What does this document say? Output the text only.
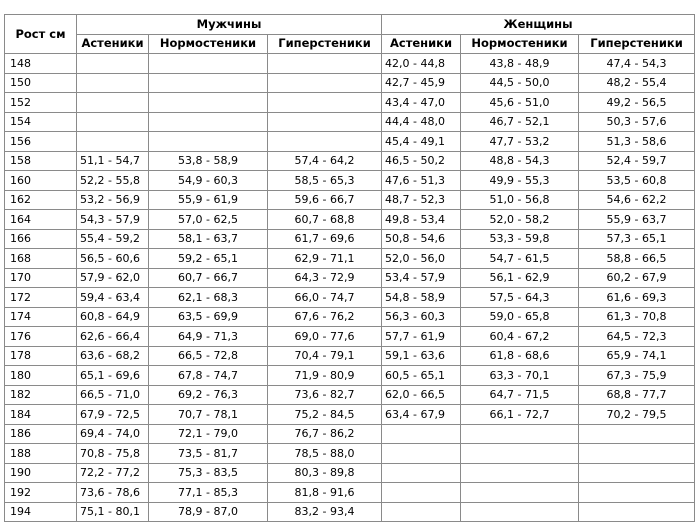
Рост см	Мужчины			Женщины		
	Астеники	Нормостеники	Гиперстеники	Астеники	Нормостеники	Гиперстеники
148				42,0 - 44,8	43,8 - 48,9	47,4 - 54,3
150				42,7 - 45,9	44,5 - 50,0	48,2 - 55,4
152				43,4 - 47,0	45,6 - 51,0	49,2 - 56,5
154				44,4 - 48,0	46,7 - 52,1	50,3 - 57,6
156				45,4 - 49,1	47,7 - 53,2	51,3 - 58,6
158	51,1 - 54,7	53,8 - 58,9	57,4 - 64,2	46,5 - 50,2	48,8 - 54,3	52,4 - 59,7
160	52,2 - 55,8	54,9 - 60,3	58,5 - 65,3	47,6 - 51,3	49,9 - 55,3	53,5 - 60,8
162	53,2 - 56,9	55,9 - 61,9	59,6 - 66,7	48,7 - 52,3	51,0 - 56,8	54,6 - 62,2
164	54,3 - 57,9	57,0 - 62,5	60,7 - 68,8	49,8 - 53,4	52,0 - 58,2	55,9 - 63,7
166	55,4 - 59,2	58,1 - 63,7	61,7 - 69,6	50,8 - 54,6	53,3 - 59,8	57,3 - 65,1
168	56,5 - 60,6	59,2 - 65,1	62,9 - 71,1	52,0 - 56,0	54,7 - 61,5	58,8 - 66,5
170	57,9 - 62,0	60,7 - 66,7	64,3 - 72,9	53,4 - 57,9	56,1 - 62,9	60,2 - 67,9
172	59,4 - 63,4	62,1 - 68,3	66,0 - 74,7	54,8 - 58,9	57,5 - 64,3	61,6 - 69,3
174	60,8 - 64,9	63,5 - 69,9	67,6 - 76,2	56,3 - 60,3	59,0 - 65,8	61,3 - 70,8
176	62,6 - 66,4	64,9 - 71,3	69,0 - 77,6	57,7 - 61,9	60,4 - 67,2	64,5 - 72,3
178	63,6 - 68,2	66,5 - 72,8	70,4 - 79,1	59,1 - 63,6	61,8 - 68,6	65,9 - 74,1
180	65,1 - 69,6	67,8 - 74,7	71,9 - 80,9	60,5 - 65,1	63,3 - 70,1	67,3 - 75,9
182	66,5 - 71,0	69,2 - 76,3	73,6 - 82,7	62,0 - 66,5	64,7 - 71,5	68,8 - 77,7
184	67,9 - 72,5	70,7 - 78,1	75,2 - 84,5	63,4 - 67,9	66,1 - 72,7	70,2 - 79,5
186	69,4 - 74,0	72,1 - 79,0	76,7 - 86,2			
188	70,8 - 75,8	73,5 - 81,7	78,5 - 88,0			
190	72,2 - 77,2	75,3 - 83,5	80,3 - 89,8			
192	73,6 - 78,6	77,1 - 85,3	81,8 - 91,6			
194	75,1 - 80,1	78,9 - 87,0	83,2 - 93,4			
